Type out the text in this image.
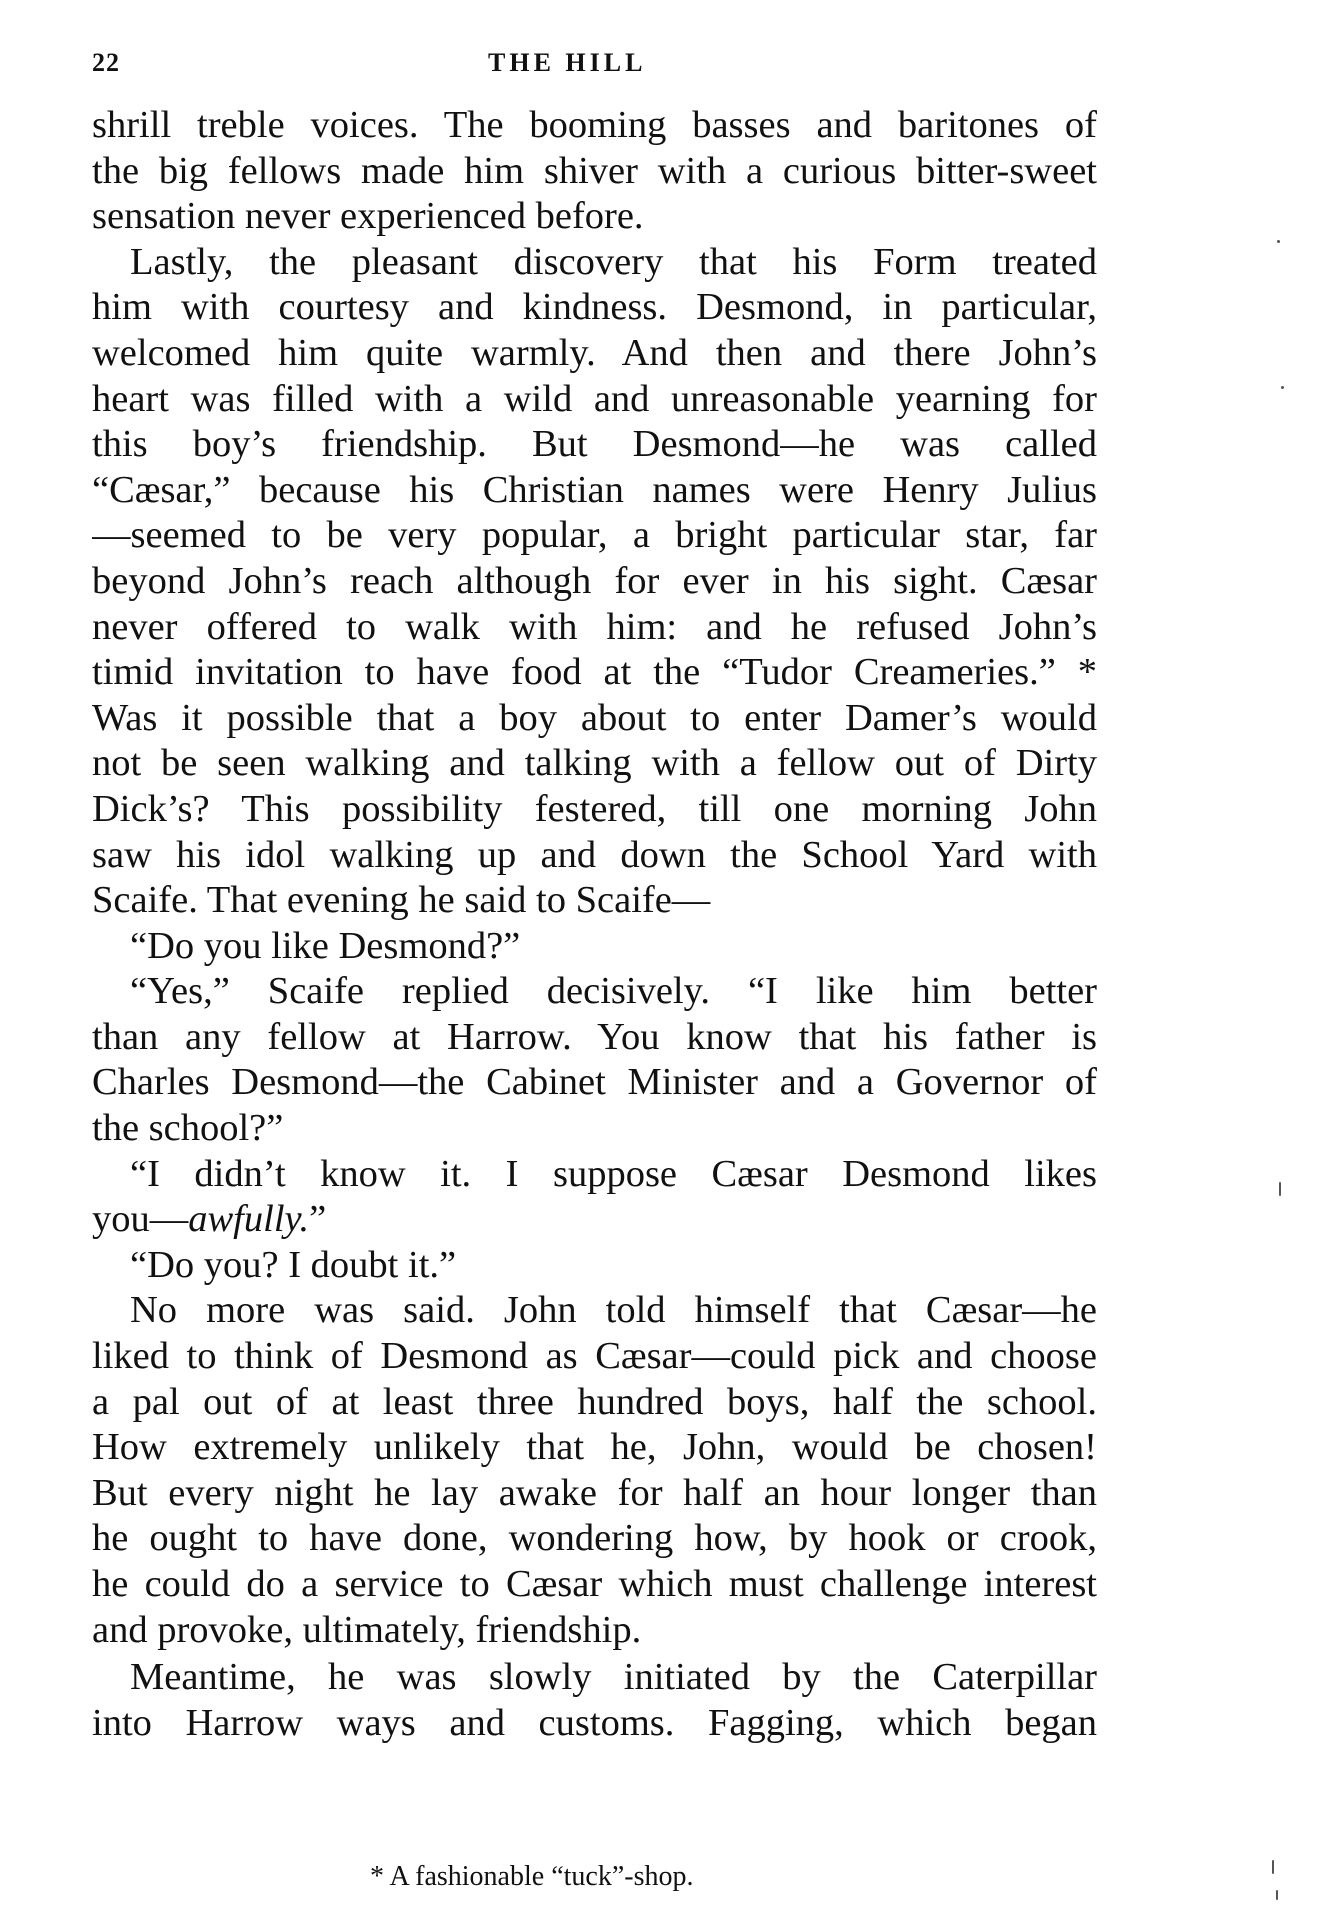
22	THE HILL
shrill treble voices. The booming basses and baritones of
the big fellows made him shiver with a curious bitter-sweet
sensation never experienced before.
Lastly, the pleasant discovery that his Form treated
him with courtesy and kindness. Desmond, in particular,
welcomed him quite warmly. And then and there John’s
heart was filled with a wild and unreasonable yearning for
this boy’s friendship. But Desmond—he was called
“Cæsar,” because his Christian names were Henry Julius
—seemed to be very popular, a bright particular star, far
beyond John’s reach although for ever in his sight. Cæsar
never offered to walk with him: and he refused John’s
timid invitation to have food at the “Tudor Creameries.” *
Was it possible that a boy about to enter Damer’s would
not be seen walking and talking with a fellow out of Dirty
Dick’s? This possibility festered, till one morning John
saw his idol walking up and down the School Yard with
Scaife. That evening he said to Scaife—
“Do you like Desmond?”
“Yes,” Scaife replied decisively. “I like him better
than any fellow at Harrow. You know that his father is
Charles Desmond—the Cabinet Minister and a Governor of
the school?”
“I didn’t know it. I suppose Cæsar Desmond likes
you—awfully.”
“Do you? I doubt it.”
No more was said. John told himself that Cæsar—he
liked to think of Desmond as Cæsar—could pick and choose
a pal out of at least three hundred boys, half the school.
How extremely unlikely that he, John, would be chosen!
But every night he lay awake for half an hour longer than
he ought to have done, wondering how, by hook or crook,
he could do a service to Cæsar which must challenge interest
and provoke, ultimately, friendship.
Meantime, he was slowly initiated by the Caterpillar
into Harrow ways and customs. Fagging, which began
* A fashionable “tuck”-shop.
